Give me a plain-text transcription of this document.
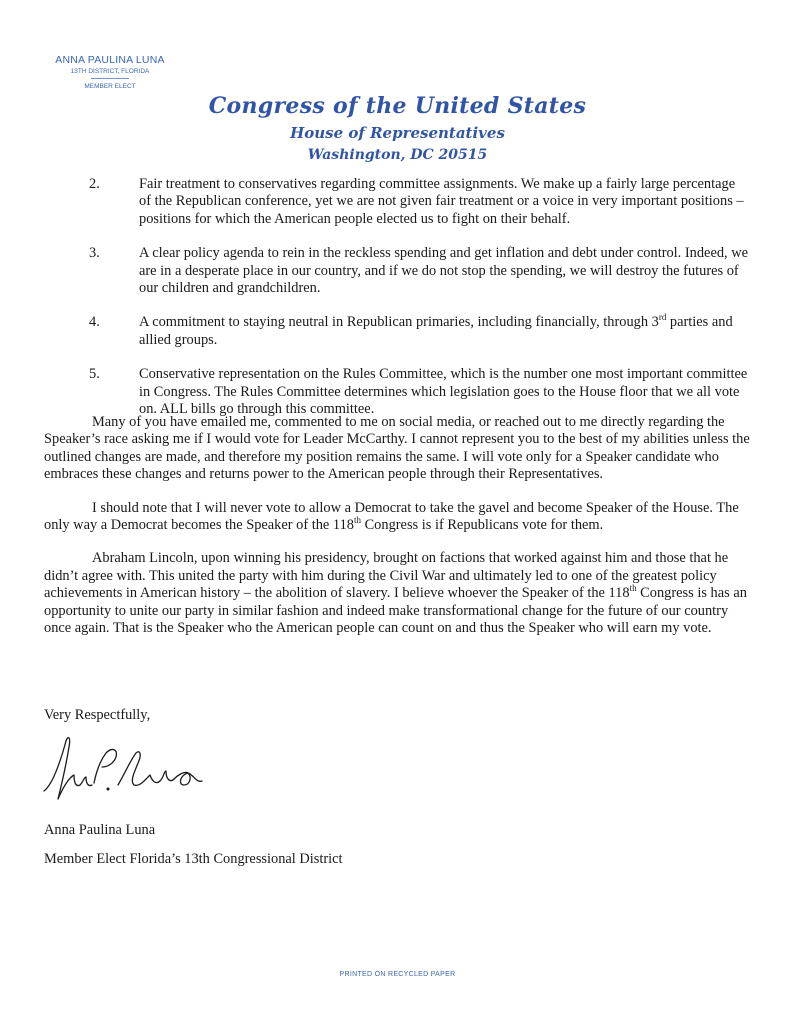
ANNA PAULINA LUNA
13TH DISTRICT, FLORIDA
MEMBER ELECT
Congress of the United States
House of Representatives
Washington, DC 20515
2.	Fair treatment to conservatives regarding committee assignments. We make up a fairly large percentage of the Republican conference, yet we are not given fair treatment or a voice in very important positions – positions for which the American people elected us to fight on their behalf.
3.	A clear policy agenda to rein in the reckless spending and get inflation and debt under control. Indeed, we are in a desperate place in our country, and if we do not stop the spending, we will destroy the futures of our children and grandchildren.
4.	A commitment to staying neutral in Republican primaries, including financially, through 3rd parties and allied groups.
5.	Conservative representation on the Rules Committee, which is the number one most important committee in Congress. The Rules Committee determines which legislation goes to the House floor that we all vote on. ALL bills go through this committee.

Many of you have emailed me, commented to me on social media, or reached out to me directly regarding the Speaker’s race asking me if I would vote for Leader McCarthy. I cannot represent you to the best of my abilities unless the outlined changes are made, and therefore my position remains the same. I will vote only for a Speaker candidate who embraces these changes and returns power to the American people through their Representatives.

I should note that I will never vote to allow a Democrat to take the gavel and become Speaker of the House. The only way a Democrat becomes the Speaker of the 118th Congress is if Republicans vote for them.

Abraham Lincoln, upon winning his presidency, brought on factions that worked against him and those that he didn’t agree with. This united the party with him during the Civil War and ultimately led to one of the greatest policy achievements in American history – the abolition of slavery. I believe whoever the Speaker of the 118th Congress is has an opportunity to unite our party in similar fashion and indeed make transformational change for the future of our country once again. That is the Speaker who the American people can count on and thus the Speaker who will earn my vote.

Very Respectfully,
Anna Paulina Luna
Member Elect Florida’s 13th Congressional District
PRINTED ON RECYCLED PAPER
